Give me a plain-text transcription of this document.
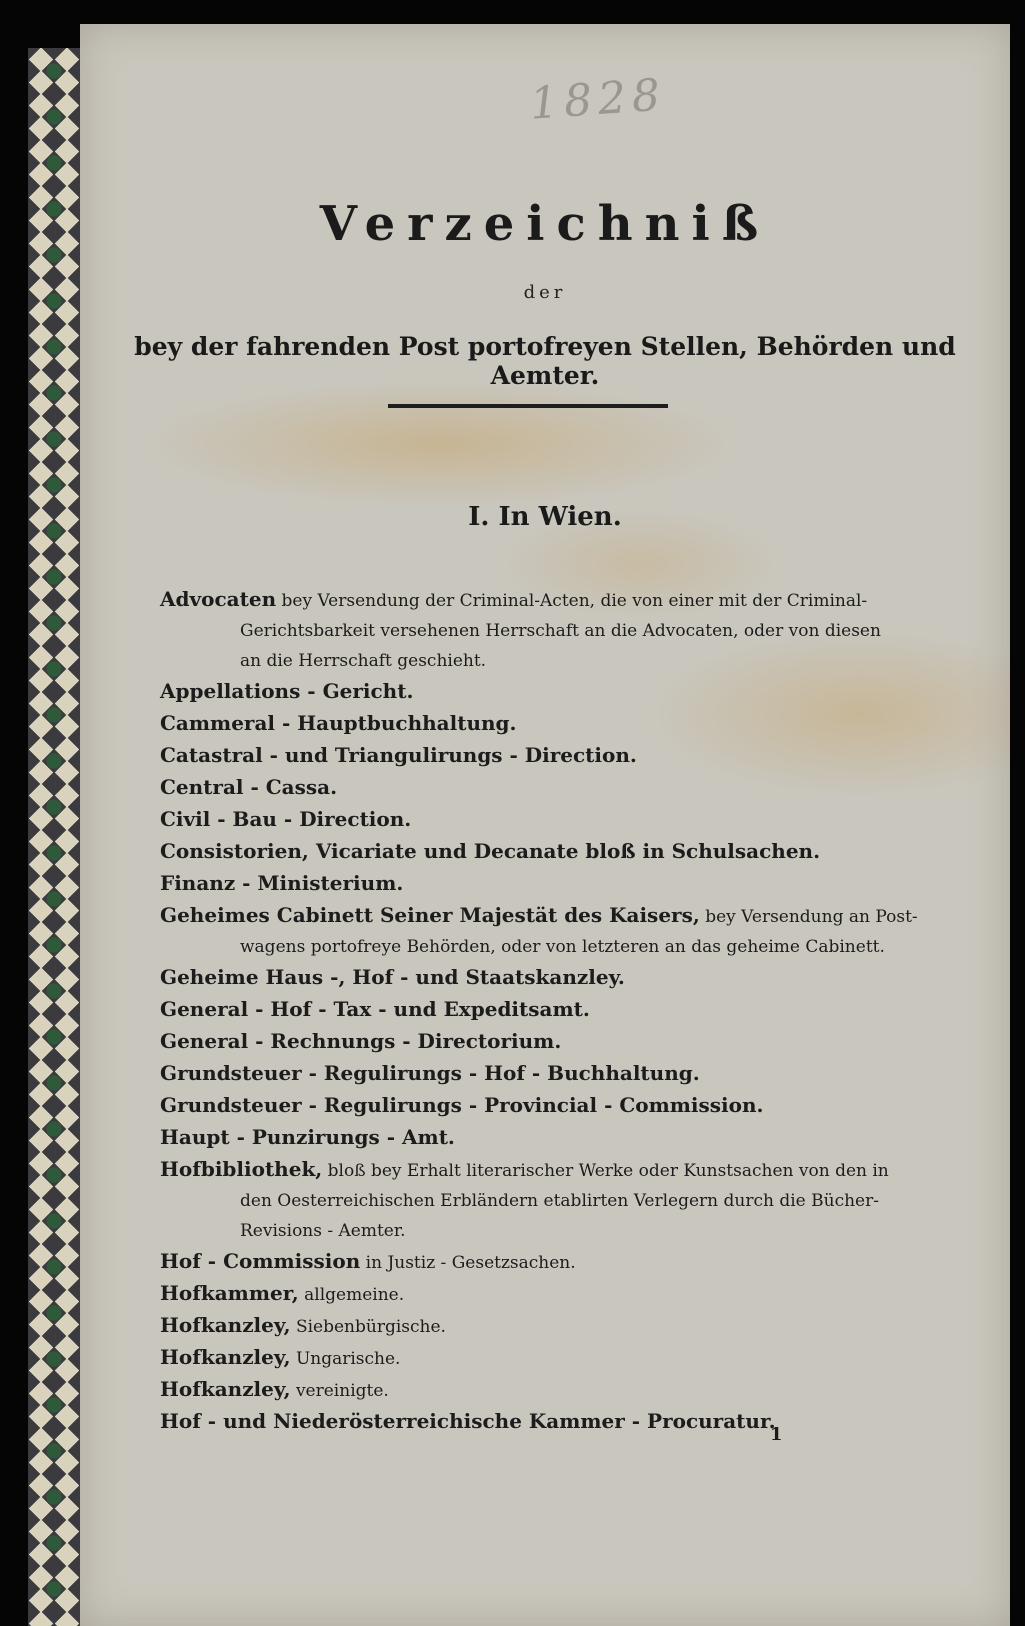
1828
Verzeichniß
der
bey der fahrenden Post portofreyen Stellen, Behörden und Aemter.
I. In Wien.
Advocaten bey Versendung der Criminal-Acten, die von einer mit der Criminal-
Gerichtsbarkeit versehenen Herrschaft an die Advocaten, oder von diesen
an die Herrschaft geschieht.
Appellations - Gericht.
Cammeral - Hauptbuchhaltung.
Catastral - und Triangulirungs - Direction.
Central - Cassa.
Civil - Bau - Direction.
Consistorien, Vicariate und Decanate bloß in Schulsachen.
Finanz - Ministerium.
Geheimes Cabinett Seiner Majestät des Kaisers, bey Versendung an Post-
wagens portofreye Behörden, oder von letzteren an das geheime Cabinett.
Geheime Haus -, Hof - und Staatskanzley.
General - Hof - Tax - und Expeditsamt.
General - Rechnungs - Directorium.
Grundsteuer - Regulirungs - Hof - Buchhaltung.
Grundsteuer - Regulirungs - Provincial - Commission.
Haupt - Punzirungs - Amt.
Hofbibliothek, bloß bey Erhalt literarischer Werke oder Kunstsachen von den in
den Oesterreichischen Erbländern etablirten Verlegern durch die Bücher-
Revisions - Aemter.
Hof - Commission in Justiz - Gesetzsachen.
Hofkammer, allgemeine.
Hofkanzley, Siebenbürgische.
Hofkanzley, Ungarische.
Hofkanzley, vereinigte.
Hof - und Niederösterreichische Kammer - Procuratur.
1
